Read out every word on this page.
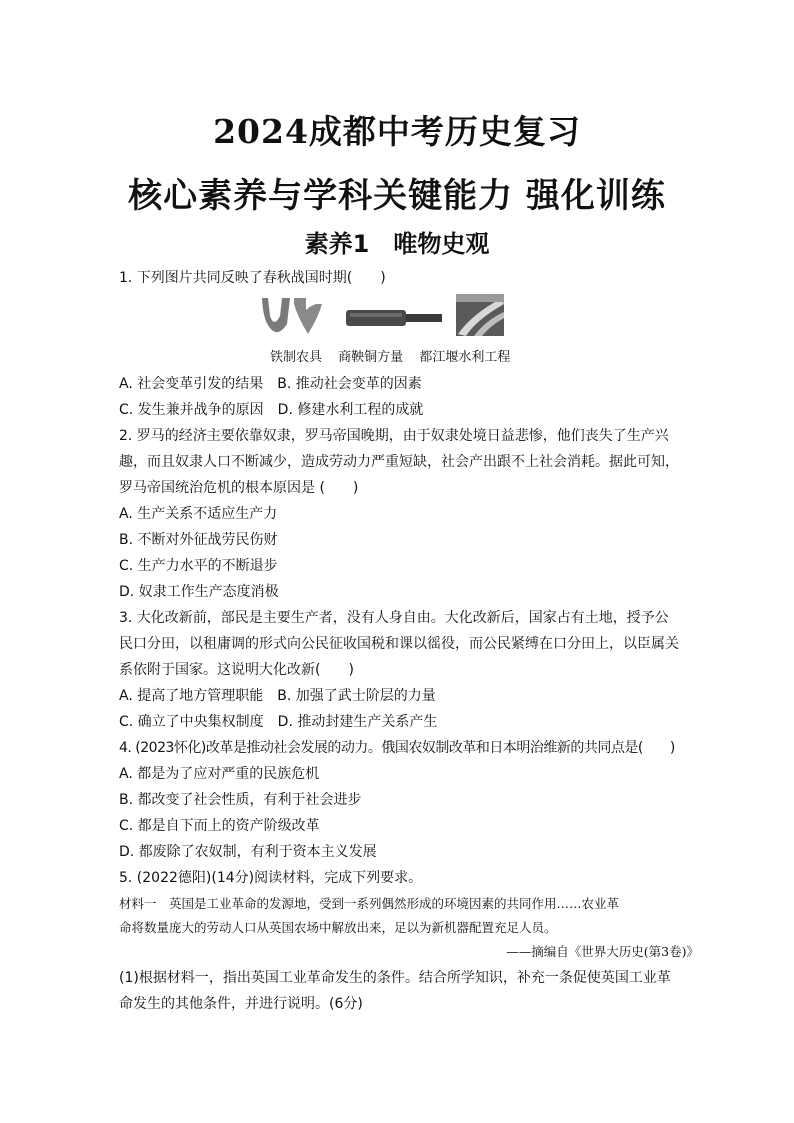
2024成都中考历史复习
核心素养与学科关键能力 强化训练
素养1　唯物史观
1. 下列图片共同反映了春秋战国时期(　　)
铁制农具 商鞅铜方量 都江堰水利工程
A. 社会变革引发的结果　B. 推动社会变革的因素
C. 发生兼并战争的原因　D. 修建水利工程的成就
2. 罗马的经济主要依靠奴隶，罗马帝国晚期，由于奴隶处境日益悲惨，他们丧失了生产兴
趣，而且奴隶人口不断减少，造成劳动力严重短缺，社会产出跟不上社会消耗。据此可知，
罗马帝国统治危机的根本原因是 (　　)
A. 生产关系不适应生产力
B. 不断对外征战劳民伤财
C. 生产力水平的不断退步
D. 奴隶工作生产态度消极
3. 大化改新前，部民是主要生产者，没有人身自由。大化改新后，国家占有土地，授予公
民口分田，以租庸调的形式向公民征收国税和课以徭役，而公民紧缚在口分田上，以臣属关
系依附于国家。这说明大化改新(　　)
A. 提高了地方管理职能　B. 加强了武士阶层的力量
C. 确立了中央集权制度　D. 推动封建生产关系产生
4. (2023怀化)改革是推动社会发展的动力。俄国农奴制改革和日本明治维新的共同点是(　　)
A. 都是为了应对严重的民族危机
B. 都改变了社会性质，有利于社会进步
C. 都是自下而上的资产阶级改革
D. 都废除了农奴制，有利于资本主义发展
5. (2022德阳)(14分)阅读材料，完成下列要求。
材料一　英国是工业革命的发源地，受到一系列偶然形成的环境因素的共同作用……农业革
命将数量庞大的劳动人口从英国农场中解放出来，足以为新机器配置充足人员。
——摘编自《世界大历史(第3卷)》
(1)根据材料一，指出英国工业革命发生的条件。结合所学知识，补充一条促使英国工业革
命发生的其他条件，并进行说明。(6分)
